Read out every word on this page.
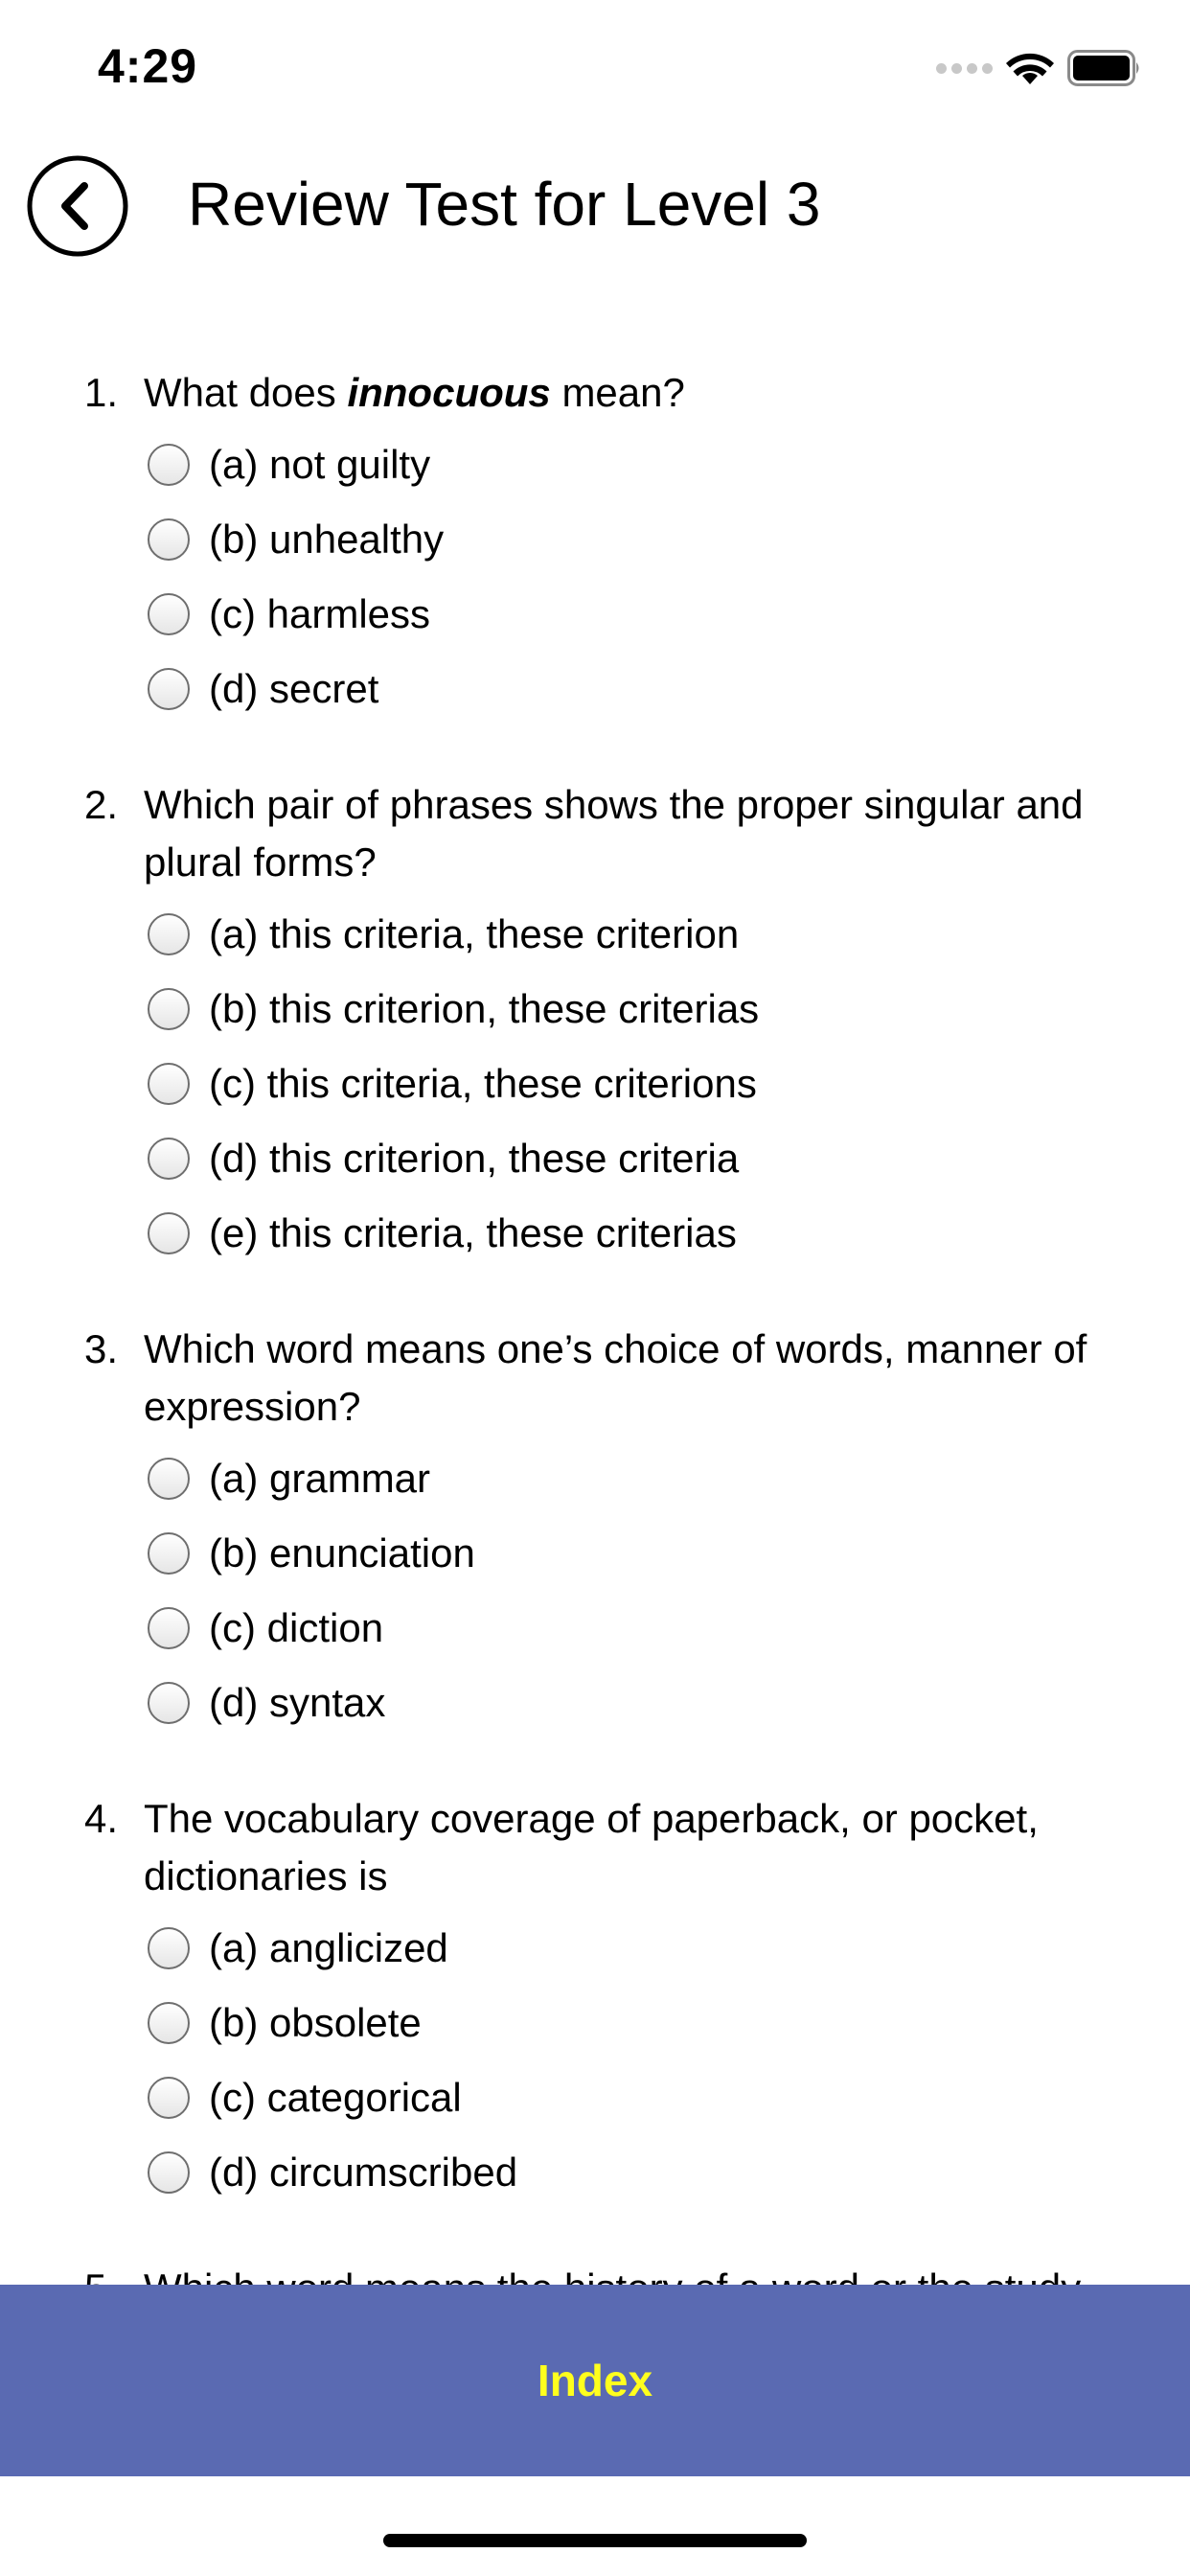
4:29
Review Test for Level 3
1. What does innocuous mean?
(a) not guilty
(b) unhealthy
(c) harmless
(d) secret
2. Which pair of phrases shows the proper singular and plural forms?
(a) this criteria, these criterion
(b) this criterion, these criterias
(c) this criteria, these criterions
(d) this criterion, these criteria
(e) this criteria, these criterias
3. Which word means one’s choice of words, manner of expression?
(a) grammar
(b) enunciation
(c) diction
(d) syntax
4. The vocabulary coverage of paperback, or pocket, dictionaries is
(a) anglicized
(b) obsolete
(c) categorical
(d) circumscribed
Index
